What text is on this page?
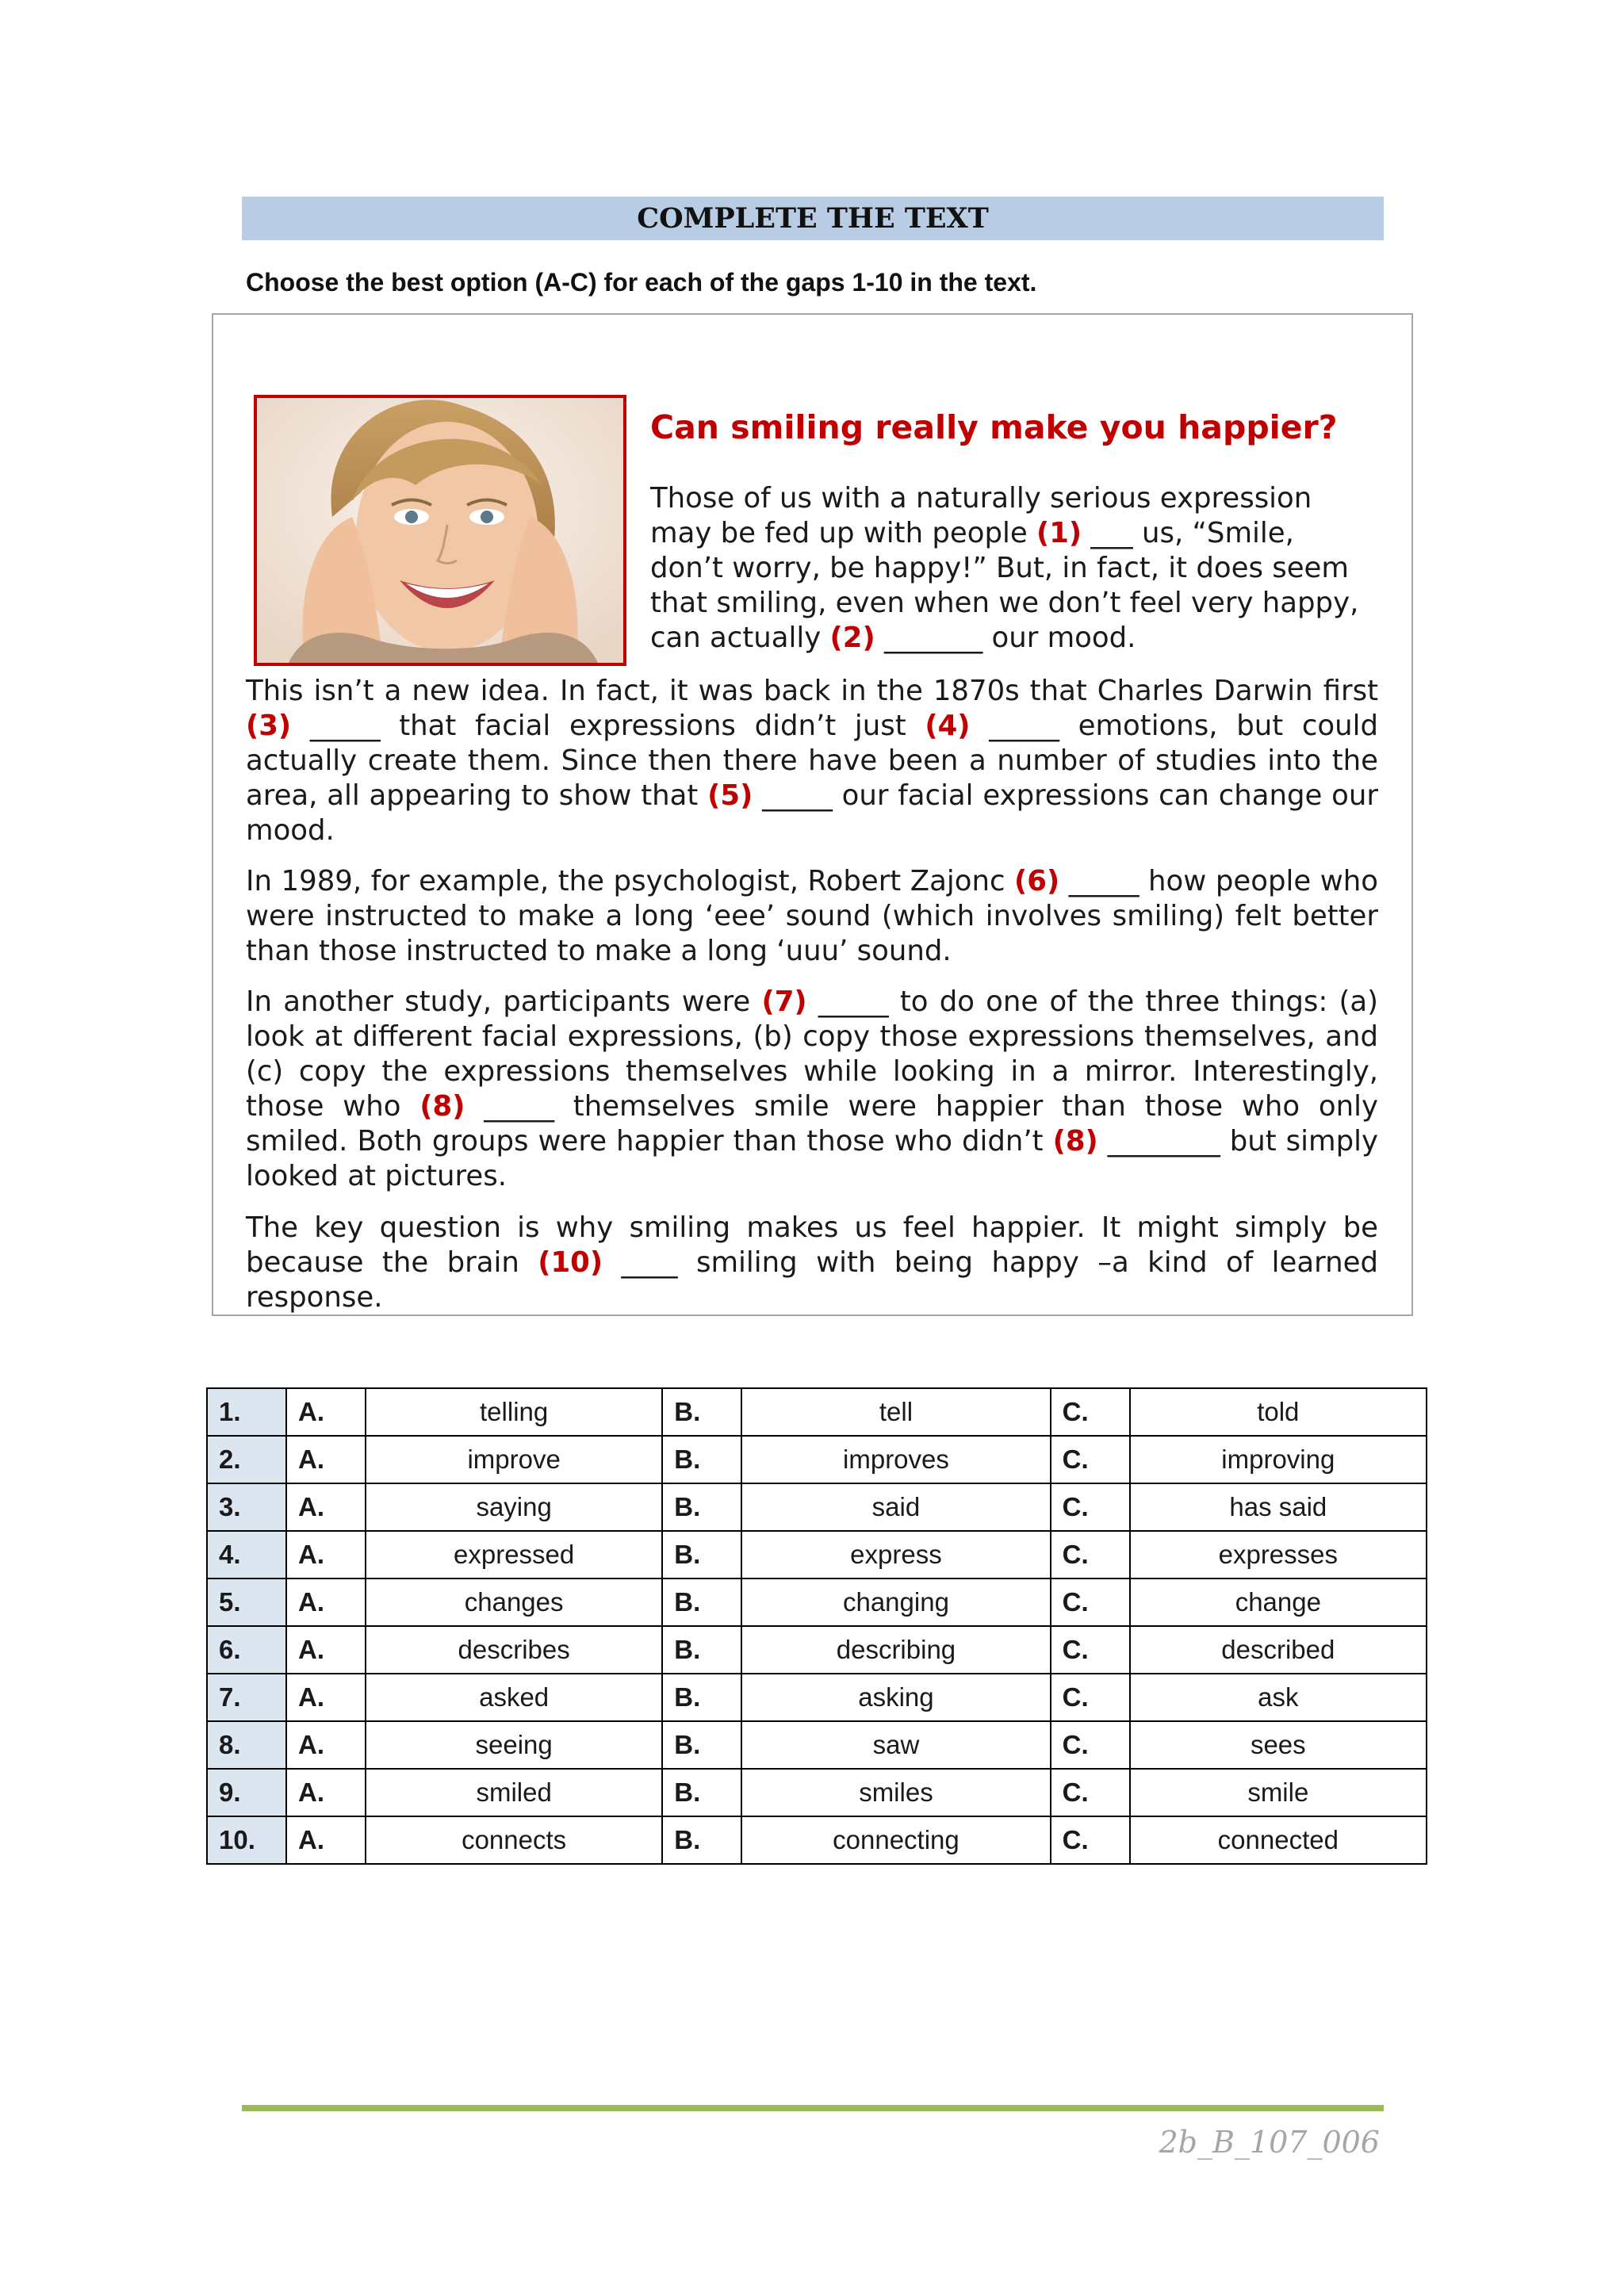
COMPLETE THE TEXT
Choose the best option (A-C) for each of the gaps 1-10 in the text.
Can smiling really make you happier?
Those of us with a naturally serious expression
may be fed up with people (1) ___ us, “Smile,
don’t worry, be happy!” But, in fact, it does seem
that smiling, even when we don’t feel very happy,
can actually (2) _______ our mood.
This isn’t a new idea. In fact, it was back in the 1870s that Charles Darwin first (3) _____ that facial expressions didn’t just (4) _____ emotions, but could actually create them. Since then there have been a number of studies into the area, all appearing to show that (5) _____ our facial expressions can change our mood.
In 1989, for example, the psychologist, Robert Zajonc (6) _____ how people who were instructed to make a long ‘eee’ sound (which involves smiling) felt better than those instructed to make a long ‘uuu’ sound.
In another study, participants were (7) _____ to do one of the three things: (a) look at different facial expressions, (b) copy those expressions themselves, and (c) copy the expressions themselves while looking in a mirror. Interestingly, those who (8) _____ themselves smile were happier than those who only smiled. Both groups were happier than those who didn’t (8) ________ but simply looked at pictures.
The key question is why smiling makes us feel happier. It might simply be because the brain (10) ____ smiling with being happy –a kind of learned response.
1.	A.	telling	B.	tell	C.	told
2.	A.	improve	B.	improves	C.	improving
3.	A.	saying	B.	said	C.	has said
4.	A.	expressed	B.	express	C.	expresses
5.	A.	changes	B.	changing	C.	change
6.	A.	describes	B.	describing	C.	described
7.	A.	asked	B.	asking	C.	ask
8.	A.	seeing	B.	saw	C.	sees
9.	A.	smiled	B.	smiles	C.	smile
10.	A.	connects	B.	connecting	C.	connected
2b_B_107_006
